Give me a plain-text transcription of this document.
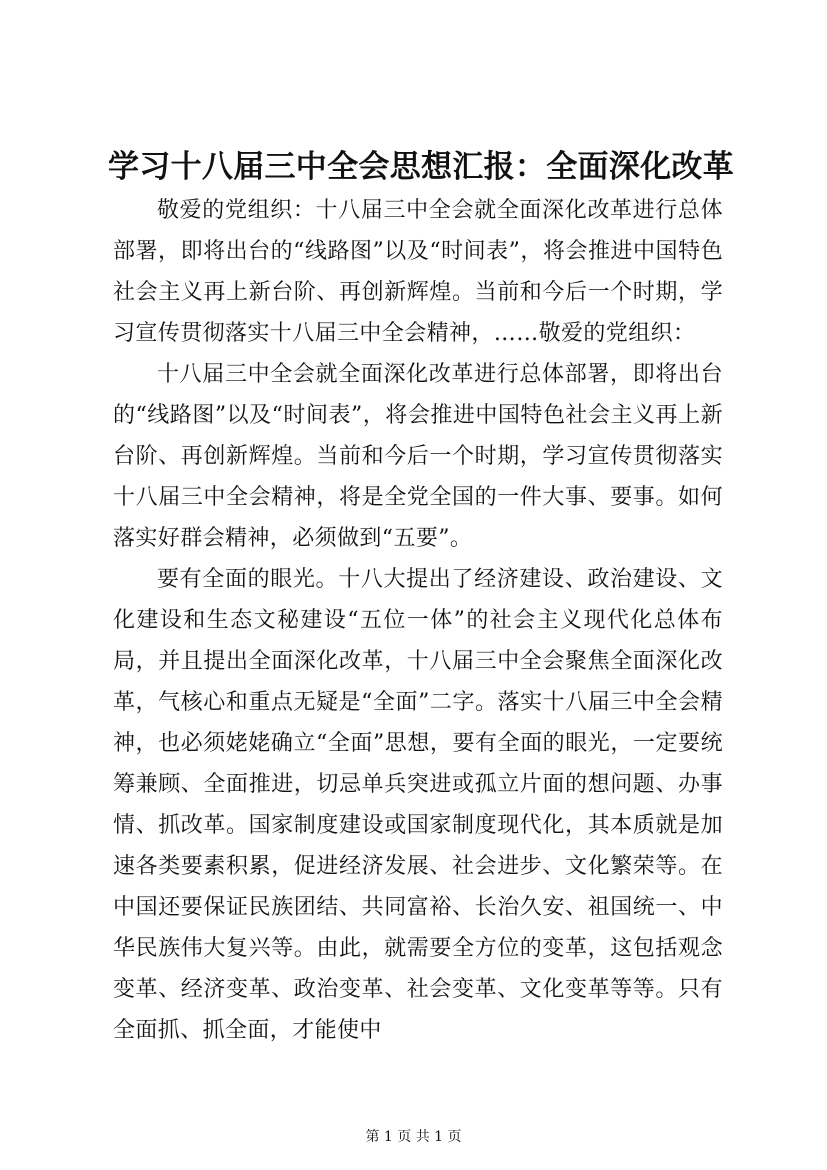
学习十八届三中全会思想汇报：全面深化改革

敬爱的党组织：十八届三中全会就全面深化改革进行总体部署，即将出台的“线路图”以及“时间表”，将会推进中国特色社会主义再上新台阶、再创新辉煌。当前和今后一个时期，学习宣传贯彻落实十八届三中全会精神，……敬爱的党组织：

十八届三中全会就全面深化改革进行总体部署，即将出台的“线路图”以及“时间表”，将会推进中国特色社会主义再上新台阶、再创新辉煌。当前和今后一个时期，学习宣传贯彻落实十八届三中全会精神，将是全党全国的一件大事、要事。如何落实好群会精神，必须做到“五要”。

要有全面的眼光。十八大提出了经济建设、政治建设、文化建设和生态文秘建设“五位一体”的社会主义现代化总体布局，并且提出全面深化改革，十八届三中全会聚焦全面深化改革，气核心和重点无疑是“全面”二字。落实十八届三中全会精神，也必须姥姥确立“全面”思想，要有全面的眼光，一定要统筹兼顾、全面推进，切忌单兵突进或孤立片面的想问题、办事情、抓改革。国家制度建设或国家制度现代化，其本质就是加速各类要素积累，促进经济发展、社会进步、文化繁荣等。在中国还要保证民族团结、共同富裕、长治久安、祖国统一、中华民族伟大复兴等。由此，就需要全方位的变革，这包括观念变革、经济变革、政治变革、社会变革、文化变革等等。只有全面抓、抓全面，才能使中

第 1 页 共 1 页
